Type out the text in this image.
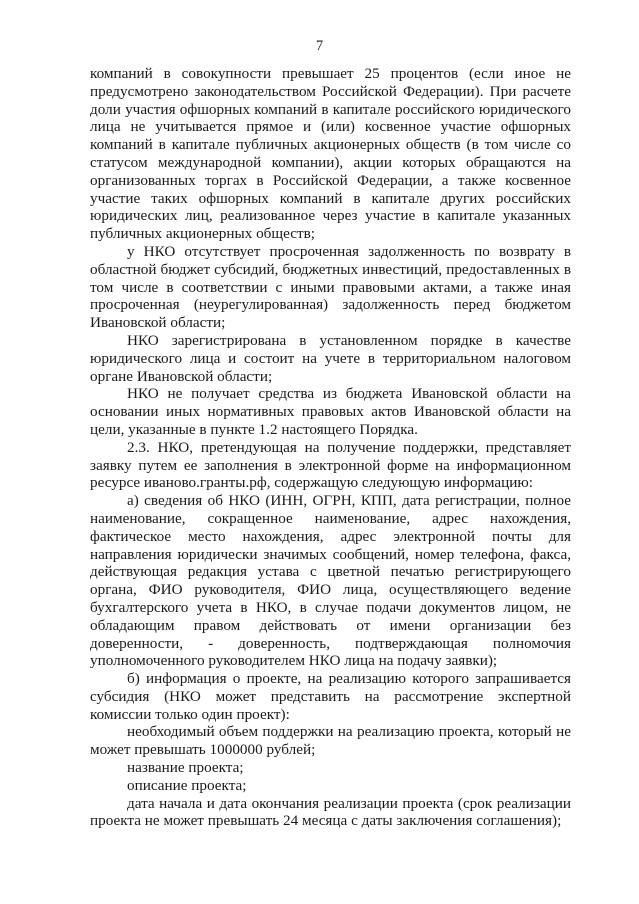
7
компаний в совокупности превышает 25 процентов (если иное не
предусмотрено законодательством Российской Федерации). При расчете
доли участия офшорных компаний в капитале российского юридического
лица не учитывается прямое и (или) косвенное участие офшорных
компаний в капитале публичных акционерных обществ (в том числе со
статусом международной компании), акции которых обращаются на
организованных торгах в Российской Федерации, а также косвенное
участие таких офшорных компаний в капитале других российских
юридических лиц, реализованное через участие в капитале указанных
публичных акционерных обществ;
у НКО отсутствует просроченная задолженность по возврату в
областной бюджет субсидий, бюджетных инвестиций, предоставленных в
том числе в соответствии с иными правовыми актами, а также иная
просроченная (неурегулированная) задолженность перед бюджетом
Ивановской области;
НКО зарегистрирована в установленном порядке в качестве
юридического лица и состоит на учете в территориальном налоговом
органе Ивановской области;
НКО не получает средства из бюджета Ивановской области на
основании иных нормативных правовых актов Ивановской области на
цели, указанные в пункте 1.2 настоящего Порядка.
2.3. НКО, претендующая на получение поддержки, представляет
заявку путем ее заполнения в электронной форме на информационном
ресурсе иваново.гранты.рф, содержащую следующую информацию:
а) сведения об НКО (ИНН, ОГРН, КПП, дата регистрации, полное
наименование, сокращенное наименование, адрес нахождения,
фактическое место нахождения, адрес электронной почты для
направления юридически значимых сообщений, номер телефона, факса,
действующая редакция устава с цветной печатью регистрирующего
органа, ФИО руководителя, ФИО лица, осуществляющего ведение
бухгалтерского учета в НКО, в случае подачи документов лицом, не
обладающим правом действовать от имени организации без
доверенности, - доверенность, подтверждающая полномочия
уполномоченного руководителем НКО лица на подачу заявки);
б) информация о проекте, на реализацию которого запрашивается
субсидия (НКО может представить на рассмотрение экспертной
комиссии только один проект):
необходимый объем поддержки на реализацию проекта, который не
может превышать 1000000 рублей;
название проекта;
описание проекта;
дата начала и дата окончания реализации проекта (срок реализации
проекта не может превышать 24 месяца с даты заключения соглашения);
